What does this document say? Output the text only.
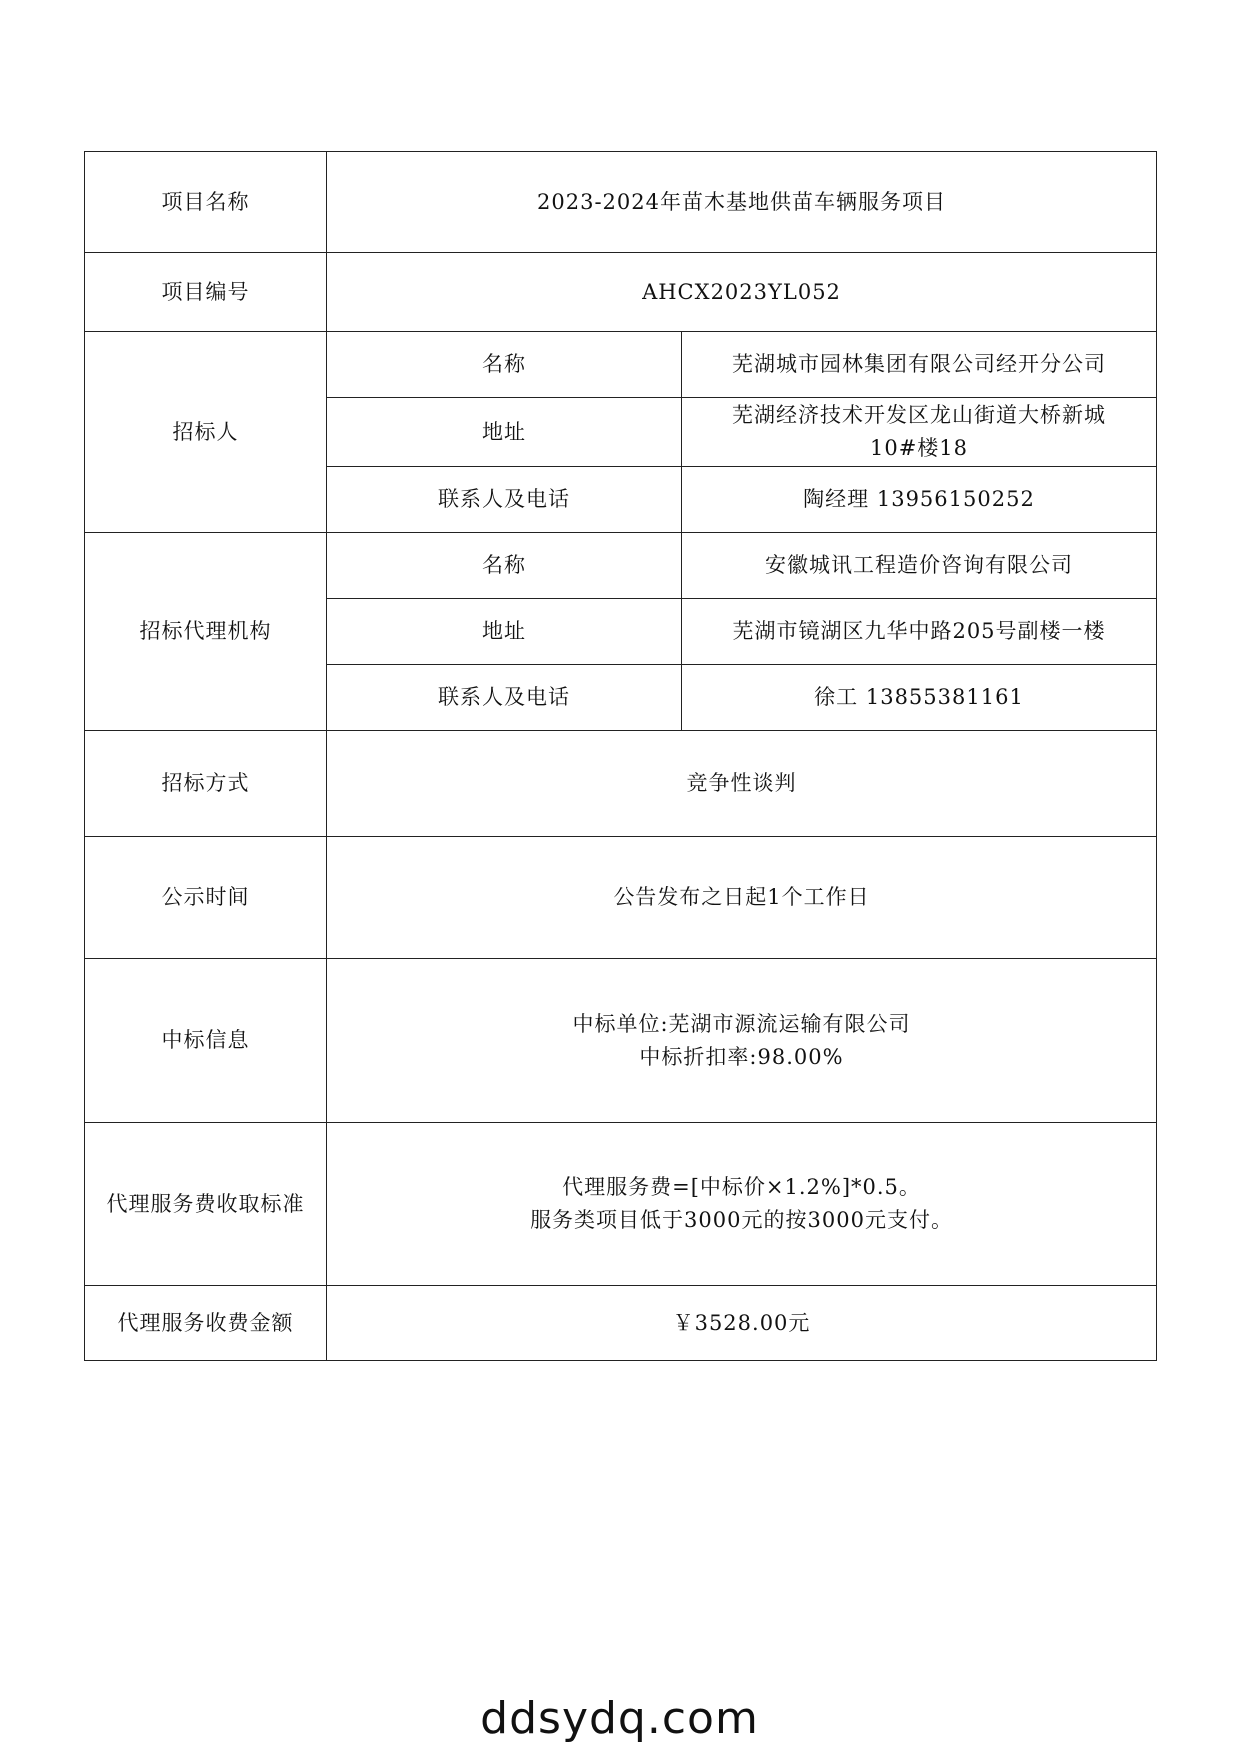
项目名称	2023-2024年苗木基地供苗车辆服务项目	
项目编号	AHCX2023YL052	
招标人	名称	芜湖城市园林集团有限公司经开分公司
	地址	芜湖经济技术开发区龙山街道大桥新城
10#楼18

	联系人及电话	陶经理 13956150252
招标代理机构	名称	安徽城讯工程造价咨询有限公司
	地址	芜湖市镜湖区九华中路205号副楼一楼
	联系人及电话	徐工 13855381161
招标方式	竞争性谈判	
公示时间	公告发布之日起1个工作日	
中标信息	中标单位:芜湖市源流运输有限公司
中标折扣率:98.00%	

代理服务费收取标准	代理服务费=[中标价×1.2%]*0.5。
服务类项目低于3000元的按3000元支付。	

代理服务收费金额	￥3528.00元	
ddsydq.com
